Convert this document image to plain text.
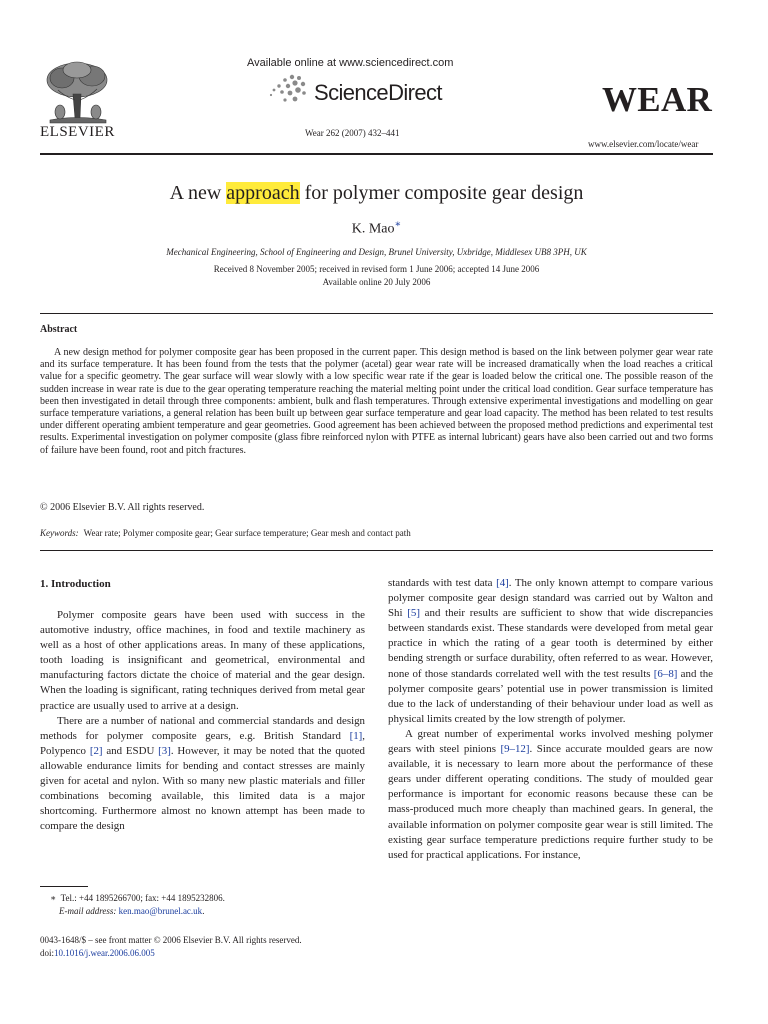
ELSEVIER
Available online at www.sciencedirect.com
ScienceDirect
Wear 262 (2007) 432–441
WEAR
www.elsevier.com/locate/wear
A new approach for polymer composite gear design
K. Mao∗
Mechanical Engineering, School of Engineering and Design, Brunel University, Uxbridge, Middlesex UB8 3PH, UK
Received 8 November 2005; received in revised form 1 June 2006; accepted 14 June 2006
Available online 20 July 2006
Abstract

A new design method for polymer composite gear has been proposed in the current paper. This design method is based on the link between polymer gear wear rate and its surface temperature. It has been found from the tests that the polymer (acetal) gear wear rate will be increased dramatically when the load reaches a critical value for a specific geometry. The gear surface will wear slowly with a low specific wear rate if the gear is loaded below the critical one. The possible reason of the sudden increase in wear rate is due to the gear operating temperature reaching the material melting point under the critical load condition. Gear surface temperature has been then investigated in detail through three components: ambient, bulk and flash temperatures. Through extensive experimental investigations and modelling on gear surface temperature variations, a general relation has been built up between gear surface temperature and gear load capacity. The method has been related to test results under different operating ambient temperature and gear geometries. Good agreement has been achieved between the proposed method predictions and experimental test results. Experimental investigation on polymer composite (glass fibre reinforced nylon with PTFE as internal lubricant) gears have also been carried out and two forms of failure have been found, root and pitch fractures.

© 2006 Elsevier B.V. All rights reserved.
Keywords: Wear rate; Polymer composite gear; Gear surface temperature; Gear mesh and contact path
1. Introduction

Polymer composite gears have been used with success in the automotive industry, office machines, in food and textile machinery as well as a host of other applications areas. In many of these applications, tooth loading is insignificant and geometrical, environmental and manufacturing factors dictate the choice of material and the gear design. When the loading is significant, rating techniques derived from metal gear practice are usually used to arrive at a design.

There are a number of national and commercial standards and design methods for polymer composite gears, e.g. British Standard [1], Polypenco [2] and ESDU [3]. However, it may be noted that the quoted allowable endurance limits for bending and contact stresses are mainly given for acetal and nylon. With so many new plastic materials and filler combinations becoming available, this limited data is a major shortcoming. Furthermore almost no known attempt has been made to compare the design

standards with test data [4]. The only known attempt to compare various polymer composite gear design standard was carried out by Walton and Shi [5] and their results are sufficient to show that wide discrepancies between standards exist. These standards were developed from metal gear practice in which the rating of a gear tooth is determined by either bending strength or surface durability, often referred to as wear. However, none of those standards correlated well with the test results [6–8] and the polymer composite gears’ potential use in power transmission is limited due to the lack of understanding of their behaviour under load as well as physical limits created by the low strength of polymer.

A great number of experimental works involved meshing polymer gears with steel pinions [9–12]. Since accurate moulded gears are now available, it is necessary to learn more about the performance of these gears under different operating conditions. The study of moulded gear performance is important for economic reasons because these can be mass-produced much more cheaply than machined gears. In general, the available information on polymer composite gear wear is still limited. The existing gear surface temperature predictions require further study to be used for practical applications. For instance,

∗ Tel.: +44 1895266700; fax: +44 1895232806.
E-mail address: ken.mao@brunel.ac.uk.
0043-1648/$ – see front matter © 2006 Elsevier B.V. All rights reserved.
doi:10.1016/j.wear.2006.06.005
